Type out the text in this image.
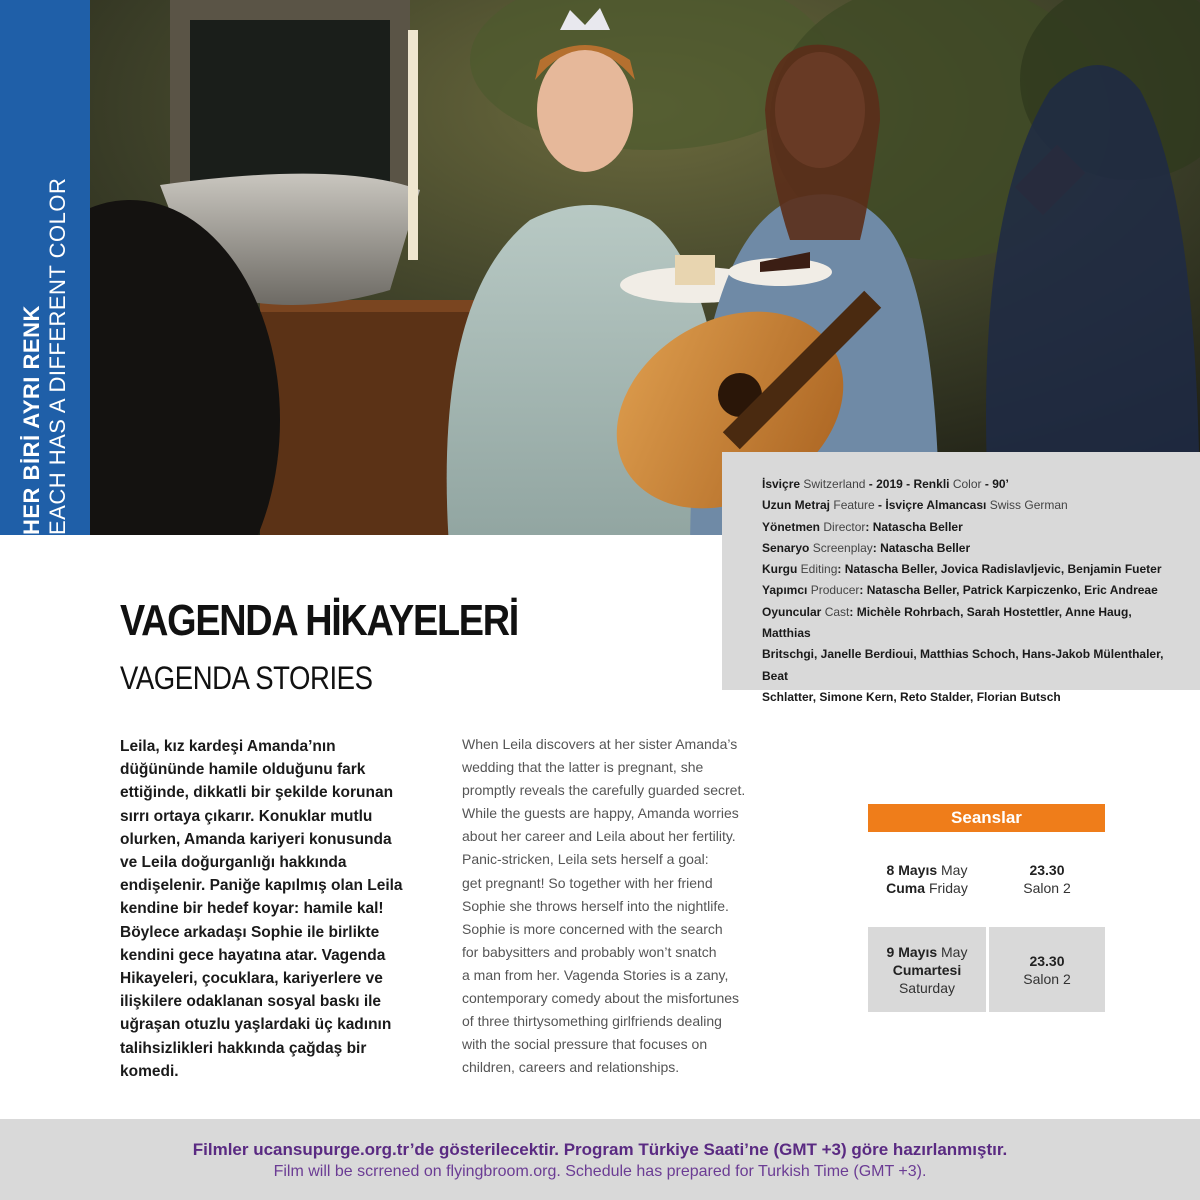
HER BİRİ AYRI RENK EACH HAS A DIFFERENT COLOR	İsviçre Switzerland - 2019 - Renkli Color - 90’
Uzun Metraj Feature - İsviçre Almancası Swiss German
Yönetmen Director: Natascha Beller
Senaryo Screenplay: Natascha Beller
Kurgu Editing: Natascha Beller, Jovica Radislavljevic, Benjamin Fueter
Yapımcı Producer: Natascha Beller, Patrick Karpiczenko, Eric Andreae
Oyuncular Cast: Michèle Rohrbach, Sarah Hostettler, Anne Haug, Matthias
Britschgi, Janelle Berdioui, Matthias Schoch, Hans-Jakob Mülenthaler, Beat
Schlatter, Simone Kern, Reto Stalder, Florian Butsch
VAGENDA HİKAYELERİ
VAGENDA STORIES

Leila, kız kardeşi Amanda’nın

düğününde hamile olduğunu fark

ettiğinde, dikkatli bir şekilde korunan

sırrı ortaya çıkarır. Konuklar mutlu

olurken, Amanda kariyeri konusunda

ve Leila doğurganlığı hakkında

endişelenir. Paniğe kapılmış olan Leila

kendine bir hedef koyar: hamile kal!

Böylece arkadaşı Sophie ile birlikte

kendini gece hayatına atar. Vagenda

Hikayeleri, çocuklara, kariyerlere ve

ilişkilere odaklanan sosyal baskı ile

uğraşan otuzlu yaşlardaki üç kadının

talihsizlikleri hakkında çağdaş bir

komedi.

When Leila discovers at her sister Amanda’s

wedding that the latter is pregnant, she

promptly reveals the carefully guarded secret.

While the guests are happy, Amanda worries

about her career and Leila about her fertility.

Panic-stricken, Leila sets herself a goal:

get pregnant! So together with her friend

Sophie she throws herself into the nightlife.

Sophie is more concerned with the search

for babysitters and probably won’t snatch

a man from her. Vagenda Stories is a zany,

contemporary comedy about the misfortunes

of three thirtysomething girlfriends dealing

with the social pressure that focuses on

children, careers and relationships.

Seanslar
8 Mayıs May
Cuma Friday
23.30
Salon 2
9 Mayıs May
Cumartesi
Saturday
23.30
Salon 2
Filmler ucansupurge.org.tr’de gösterilecektir. Program Türkiye Saati’ne (GMT +3) göre hazırlanmıştır.
Film will be scrrened on flyingbroom.org. Schedule has prepared for Turkish Time (GMT +3).
